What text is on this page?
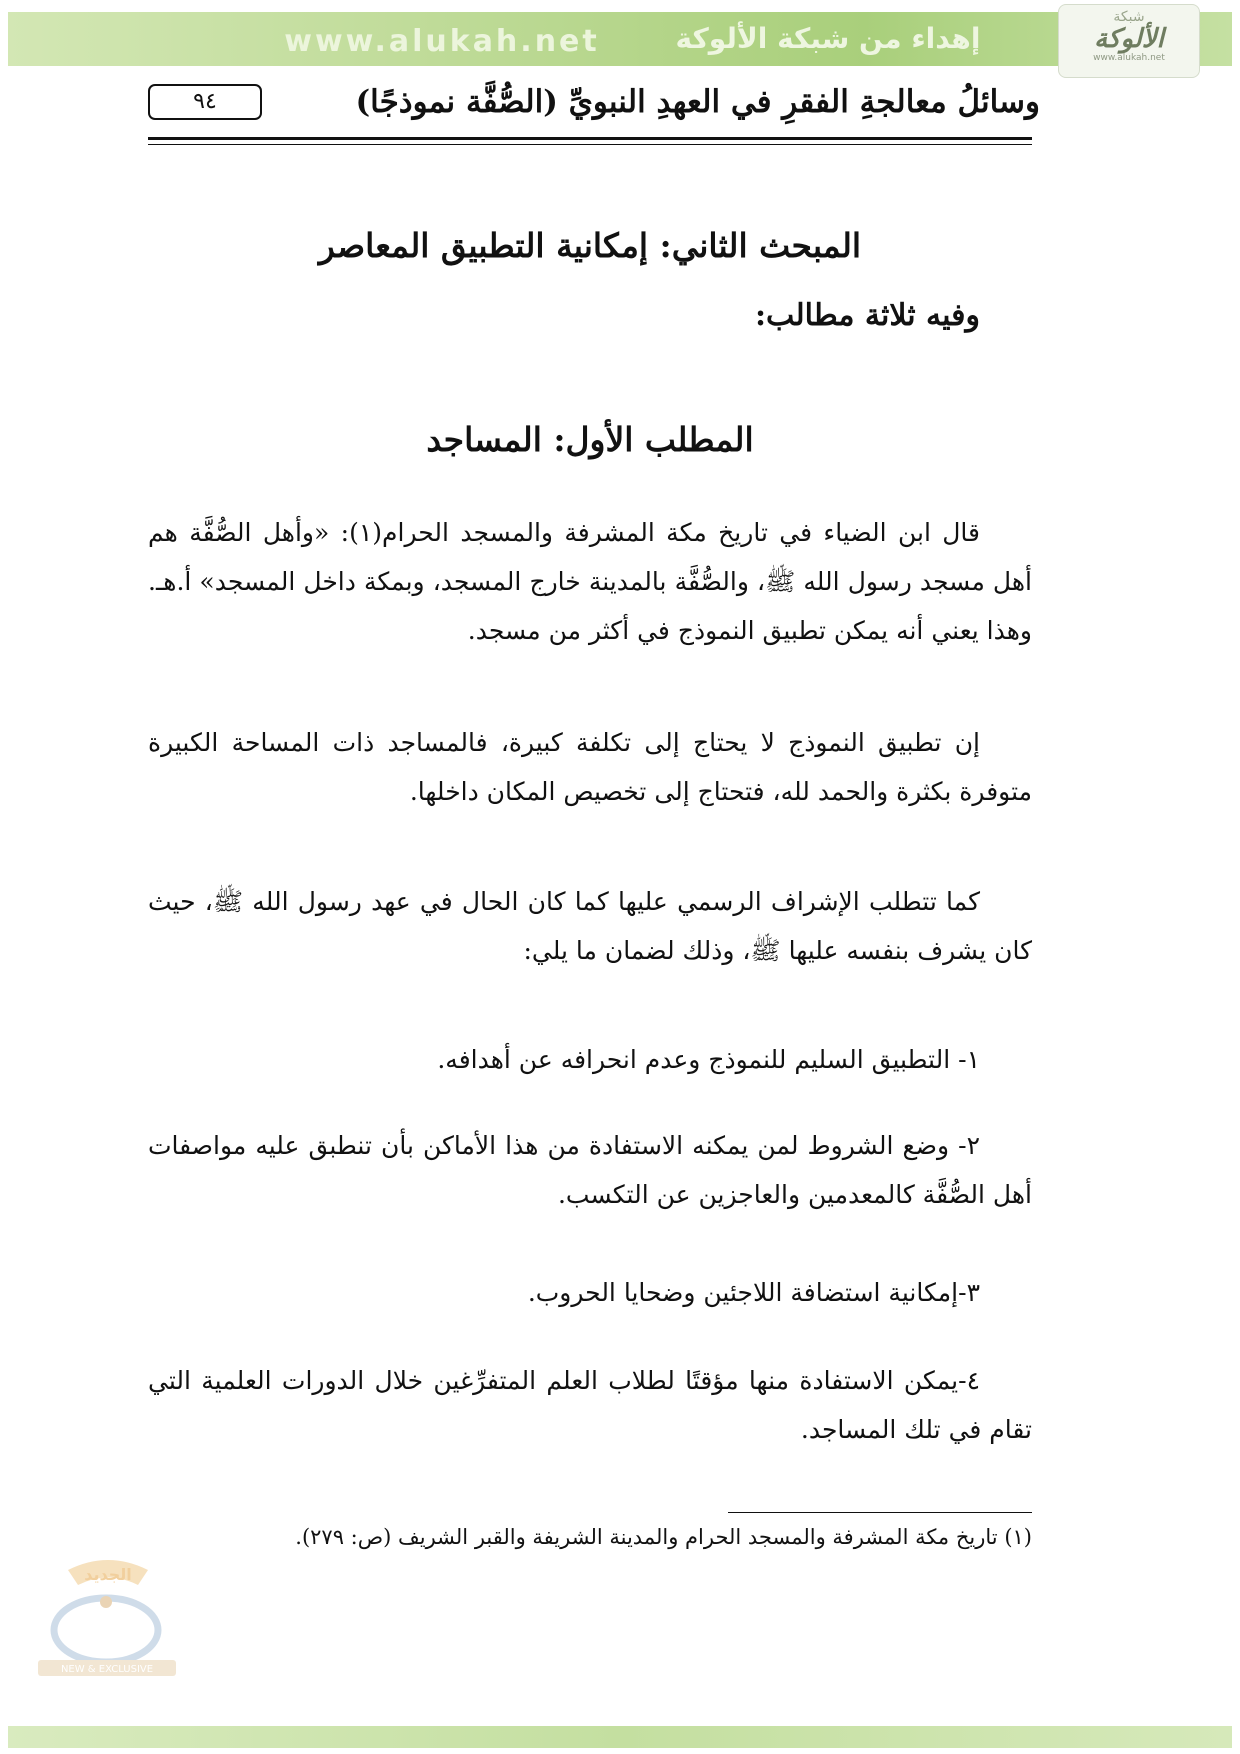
www.alukah.net	إهداء من شبكة الألوكة
شبكة
الألوكة
www.alukah.net
٩٤	وسائلُ معالجةِ الفقرِ في العهدِ النبويِّ (الصُّفَّة نموذجًا)
المبحث الثاني: إمكانية التطبيق المعاصر
وفيه ثلاثة مطالب:
المطلب الأول: المساجد
قال ابن الضياء في تاريخ مكة المشرفة والمسجد الحرام(١): «وأهل الصُّفَّة هم أهل مسجد رسول الله ﷺ، والصُّفَّة بالمدينة خارج المسجد، وبمكة داخل المسجد» أ.هـ. وهذا يعني أنه يمكن تطبيق النموذج في أكثر من مسجد.
إن تطبيق النموذج لا يحتاج إلى تكلفة كبيرة، فالمساجد ذات المساحة الكبيرة متوفرة بكثرة والحمد لله، فتحتاج إلى تخصيص المكان داخلها.
كما تتطلب الإشراف الرسمي عليها كما كان الحال في عهد رسول الله ﷺ، حيث كان يشرف بنفسه عليها ﷺ، وذلك لضمان ما يلي:
١- التطبيق السليم للنموذج وعدم انحرافه عن أهدافه.
٢- وضع الشروط لمن يمكنه الاستفادة من هذا الأماكن بأن تنطبق عليه مواصفات أهل الصُّفَّة كالمعدمين والعاجزين عن التكسب.
٣-إمكانية استضافة اللاجئين وضحايا الحروب.
٤-يمكن الاستفادة منها مؤقتًا لطلاب العلم المتفرِّغين خلال الدورات العلمية التي تقام في تلك المساجد.
(١) تاريخ مكة المشرفة والمسجد الحرام والمدينة الشريفة والقبر الشريف (ص: ٢٧٩).
الجديد
NEW & EXCLUSIVE
